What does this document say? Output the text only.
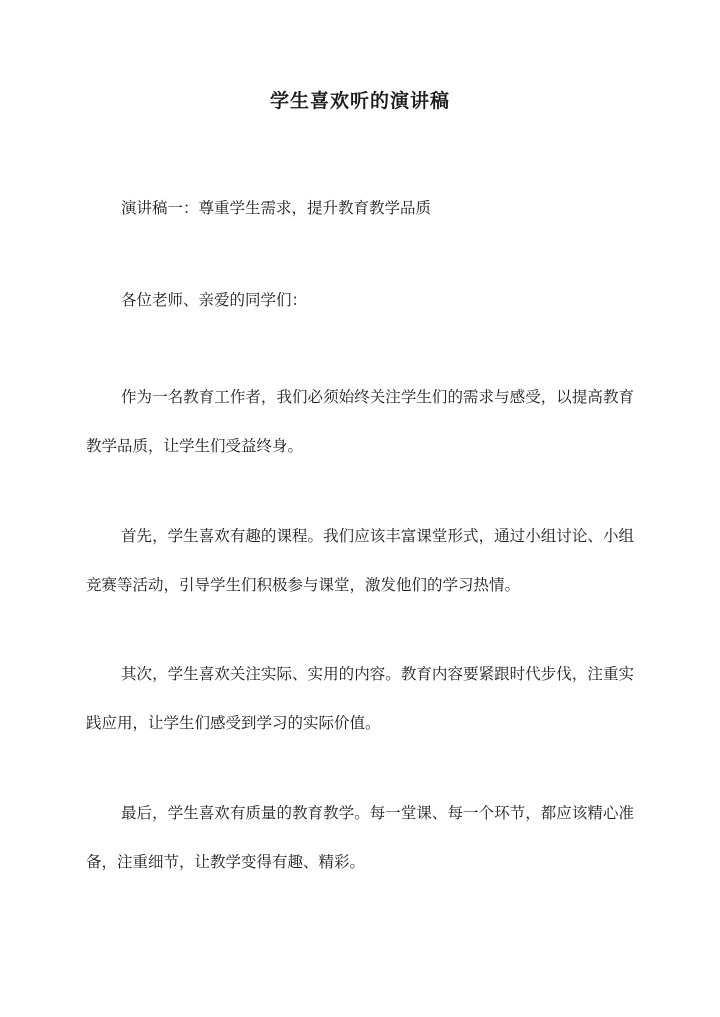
学生喜欢听的演讲稿

演讲稿一：尊重学生需求，提升教育教学品质

各位老师、亲爱的同学们：

作为一名教育工作者，我们必须始终关注学生们的需求与感受，以提高教育教学品质，让学生们受益终身。

首先，学生喜欢有趣的课程。我们应该丰富课堂形式，通过小组讨论、小组竞赛等活动，引导学生们积极参与课堂，激发他们的学习热情。

其次，学生喜欢关注实际、实用的内容。教育内容要紧跟时代步伐，注重实践应用，让学生们感受到学习的实际价值。

最后，学生喜欢有质量的教育教学。每一堂课、每一个环节，都应该精心准备，注重细节，让教学变得有趣、精彩。
